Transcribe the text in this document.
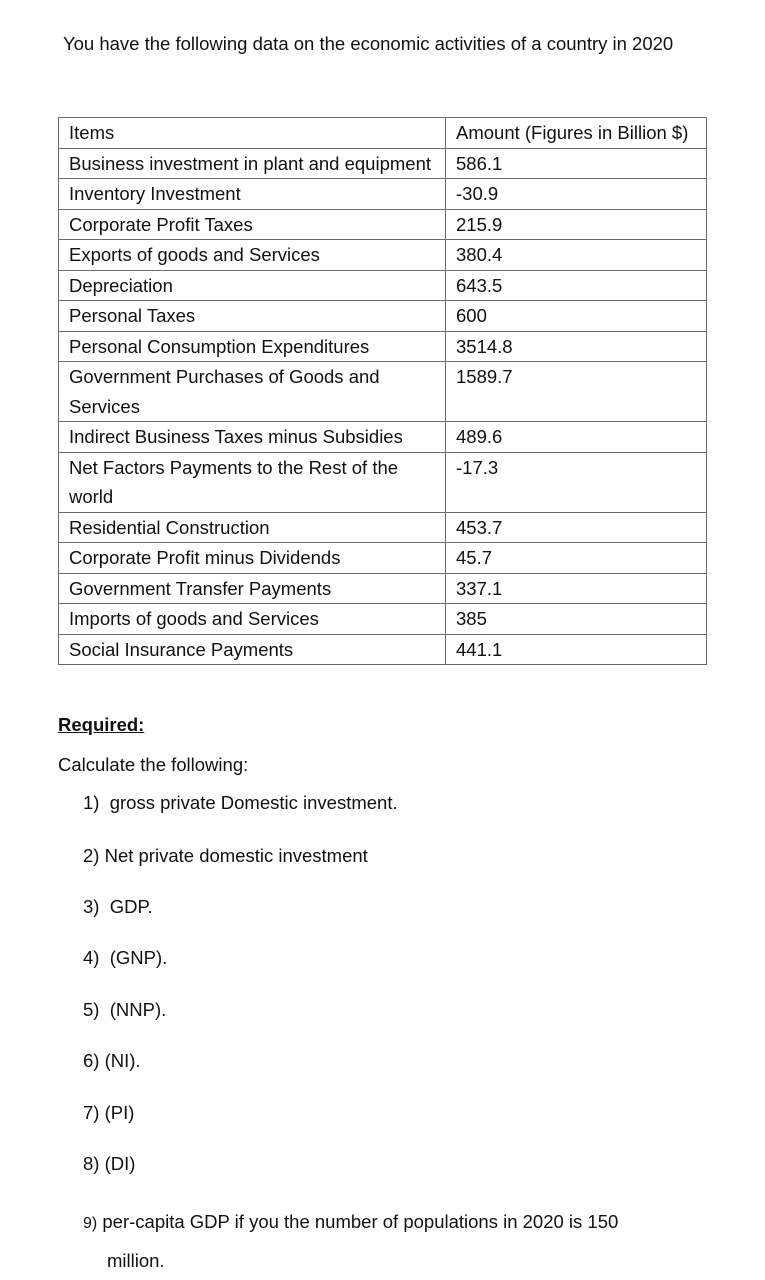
You have the following data on the economic activities of a country in 2020

Items	Amount (Figures in Billion $)
Business investment in plant and equipment	586.1
Inventory Investment	-30.9
Corporate Profit Taxes	215.9
Exports of goods and Services	380.4
Depreciation	643.5
Personal Taxes	600
Personal Consumption Expenditures	3514.8
Government Purchases of Goods and Services	1589.7
Indirect Business Taxes minus Subsidies	489.6
Net Factors Payments to the Rest of the world	-17.3
Residential Construction	453.7
Corporate Profit minus Dividends	45.7
Government Transfer Payments	337.1
Imports of goods and Services	385
Social Insurance Payments	441.1

Required:

Calculate the following:

1) gross private Domestic investment.

2) Net private domestic investment

3) GDP.

4) (GNP).

5) (NNP).

6) (NI).

7) (PI)

8) (DI)

9) per-capita GDP if you the number of populations in 2020 is 150
million.
